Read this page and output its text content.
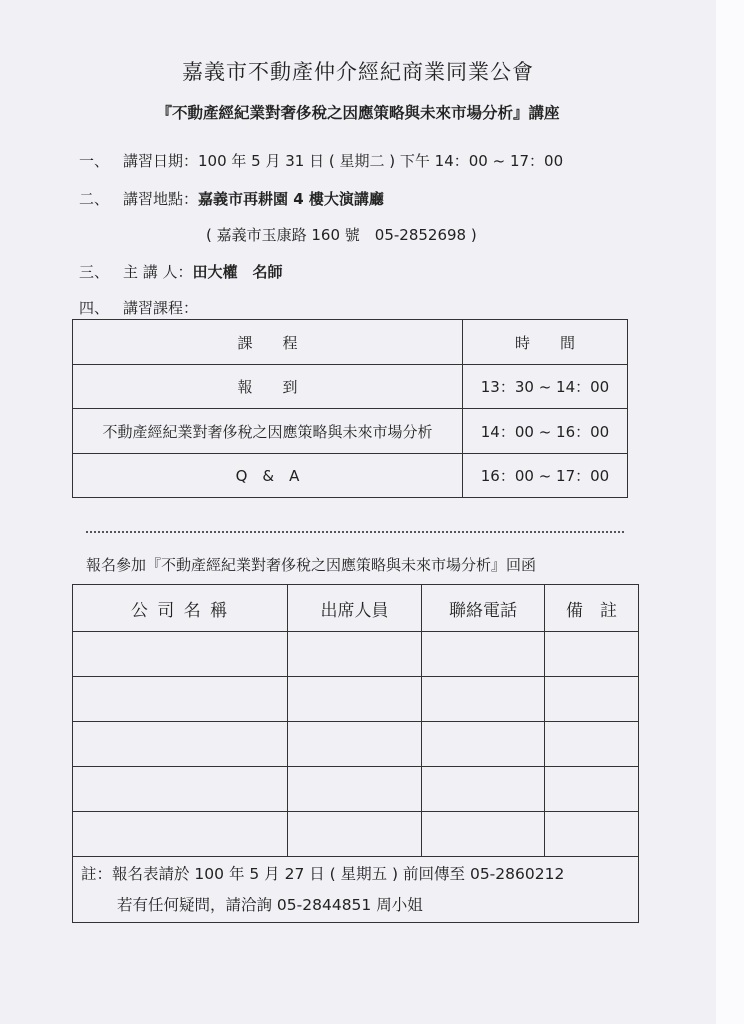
嘉義市不動產仲介經紀商業同業公會
『不動產經紀業對奢侈稅之因應策略與未來市場分析』講座
一、 講習日期：100 年 5 月 31 日 ( 星期二 ) 下午 14：00 ~ 17：00
二、 講習地點：嘉義市再耕園 4 樓大演講廳
( 嘉義市玉康路 160 號　05-2852698 )
三、 主 講 人：田大權　名師
四、 講習課程：
課　　程	時　　間
報　　到	13：30 ~ 14：00
不動產經紀業對奢侈稅之因應策略與未來市場分析	14：00 ~ 16：00
Q　&　A	16：00 ~ 17：00
報名參加『不動產經紀業對奢侈稅之因應策略與未來市場分析』回函
公 司 名 稱	出席人員	聯絡電話	備　註

註：報名表請於 100 年 5 月 27 日 ( 星期五 ) 前回傳至 05-2860212
若有任何疑問，請洽詢 05-2844851 周小姐			
